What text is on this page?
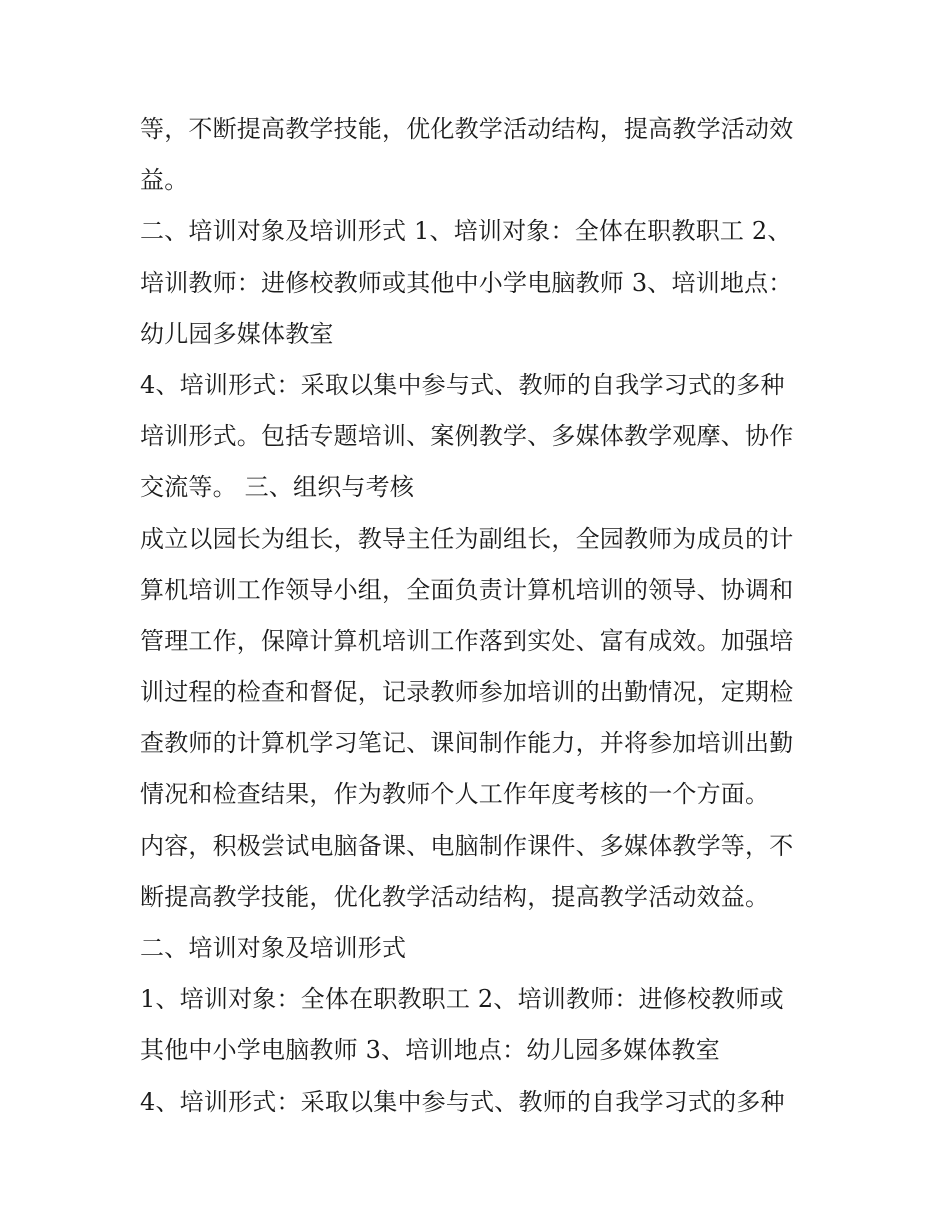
等，不断提高教学技能，优化教学活动结构，提高教学活动效
益。
二、培训对象及培训形式 1、培训对象：全体在职教职工 2、
培训教师：进修校教师或其他中小学电脑教师 3、培训地点：
幼儿园多媒体教室
4、培训形式：采取以集中参与式、教师的自我学习式的多种
培训形式。包括专题培训、案例教学、多媒体教学观摩、协作
交流等。 三、组织与考核
成立以园长为组长，教导主任为副组长，全园教师为成员的计
算机培训工作领导小组，全面负责计算机培训的领导、协调和
管理工作，保障计算机培训工作落到实处、富有成效。加强培
训过程的检查和督促，记录教师参加培训的出勤情况，定期检
查教师的计算机学习笔记、课间制作能力，并将参加培训出勤
情况和检查结果，作为教师个人工作年度考核的一个方面。
内容，积极尝试电脑备课、电脑制作课件、多媒体教学等，不
断提高教学技能，优化教学活动结构，提高教学活动效益。
二、培训对象及培训形式
1、培训对象：全体在职教职工 2、培训教师：进修校教师或
其他中小学电脑教师 3、培训地点：幼儿园多媒体教室
4、培训形式：采取以集中参与式、教师的自我学习式的多种
